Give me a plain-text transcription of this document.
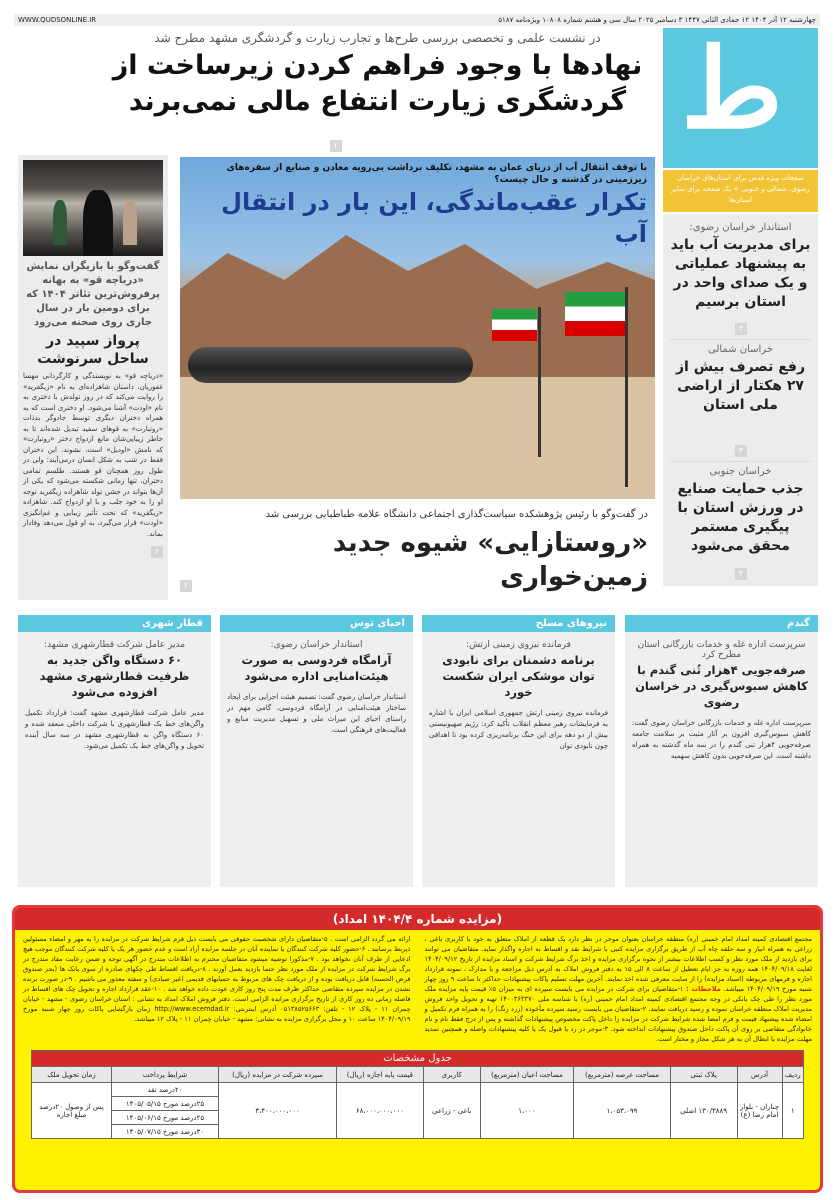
WWW.QUDSONLINE.IR	چهارشنبه ۱۲ آذر ۱۴۰۴ ۱۲ جمادی الثانی ۱۴۴۷ ۳ دسامبر ۲۰۲۵ سال سی و هشتم شماره ۱۰۸۰۸ ویژه‌نامه ۵۱۸۷
ط
صفحات ویژه قدس برای استان‌های خراسان رضوی، شمالی و جنوبی + یک صفحه برای سایر استان‌ها
استاندار خراسان رضوی:
برای مدیریت آب باید به پیشنهاد عملیاتی و یک صدای واحد در استان برسیم
۳
خراسان شمالی
رفع تصرف بیش از ۲۷ هکتار از اراضی ملی استان
۳
خراسان جنوبی
جذب حمایت صنایع در ورزش استان با پیگیری مستمر محقق می‌شود
۳
در نشست علمی و تخصصی بررسی طرح‌ها و تجارب زیارت و گردشگری مشهد مطرح شد
نهادها با وجود فراهم کردن زیرساخت از گردشگری زیارت انتفاع مالی نمی‌برند
۲
گفت‌وگو با بازیگران نمایش «دریاچه قو» به بهانه پرفروش‌ترین تئاتر ۱۴۰۴ که برای دومین بار در سال جاری روی صحنه می‌رود
پرواز سپید در ساحل سرنوشت
«دریاچه قو» به نویسندگی و کارگردانی مهسا غفوریان، داستان شاهزاده‌ای به نام «زیگفرید» را روایت می‌کند که در روز تولدش با دختری به نام «اودت» آشنا می‌شود. او دختری است که به همراه دختران دیگری توسط جادوگر بدذات «روتبارت» به قوهای سفید تبدیل شده‌اند تا به خاطر زیبایی‌شان مانع ازدواج دختر «روتبارت» که نامش «اودیل» است، نشوند. این دختران فقط در شب به شکل انسان درمی‌آیند؛ ولی در طول روز همچنان قو هستند. طلسم تمامی دختران، تنها زمانی شکسته می‌شود که یکی از آن‌ها بتواند در جشن تولد شاهزاده زیگفرید توجه او را به خود جلب و با او ازدواج کند. شاهزاده «زیگفرید» که تحت تأثیر زیبایی و غم‌انگیزی «اودت» قرار می‌گیرد، به او قول می‌دهد وفادار بماند.
۲
با توقف انتقال آب از دریای عمان به مشهد، تکلیف برداشت بی‌رویه معادن و صنایع از سفره‌های زیرزمینی در گذشته و حال چیست؟
تکرار عقب‌ماندگی، این بار در انتقال آب
در گفت‌وگو با رئیس پژوهشکده سیاست‌گذاری اجتماعی دانشگاه علامه طباطبایی بررسی شد
«روستازایی» شیوه جدید زمین‌خواری
۲
گندم
سرپرست اداره غله و خدمات بازرگانی استان مطرح کرد
صرفه‌جویی ۴هزار تُنی گندم با کاهش سبوس‌گیری در خراسان رضوی
سرپرست اداره غله و خدمات بازرگانی خراسان رضوی گفت: کاهش سبوس‌گیری افزون بر آثار مثبت بر سلامت جامعه صرفه‌جویی ۴هزار تنی گندم را در سه ماه گذشته به همراه داشته است. این صرفه‌جویی بدون کاهش سهمیه
نیروهای مسلح
فرمانده نیروی زمینی ارتش:
برنامه دشمنان برای نابودی توان موشکی ایران شکست خورد
فرمانده نیروی زمینی ارتش جمهوری اسلامی ایران با اشاره به فرمایشات رهبر معظم انقلاب تأکید کرد: رژیم صهیونیستی بیش از دو دهه برای این جنگ برنامه‌ریزی کرده بود تا اهدافی چون نابودی توان
احیای توس
استاندار خراسان رضوی:
آرامگاه فردوسی به صورت هیئت‌امنایی اداره می‌شود
استاندار خراسان رضوی گفت: تصمیم هیئت اجرایی برای ایجاد ساختار هیئت‌امنایی در آرامگاه فردوسی، گامی مهم در راستای احیای این میراث ملی و تسهیل مدیریت منابع و فعالیت‌های فرهنگی است.
قطار شهری
مدیر عامل شرکت قطارشهری مشهد:
۶۰ دستگاه واگن جدید به ظرفیت قطارشهری مشهد افزوده می‌شود
مدیر عامل شرکت قطارشهری مشهد گفت: قرارداد تکمیل واگن‌های خط یک قطارشهری با شرکت داخلی منعقد شده و ۶۰ دستگاه واگن به قطارشهری مشهد در سه سال آینده تحویل و واگن‌های خط یک تکمیل می‌شود.
(مزایده شماره ۱۴۰۴/۴ امداد)
مجتمع اقتصادی کمیته امداد امام خمینی (ره) منطقه خراسان بعنوان موجر در نظر دارد یک قطعه از املاک متعلق به خود با کاربری باغی ، زراعی به همراه انبار و سه حلقه چاه آب از طریق برگزاری مزایده کتبی با شرایط نقد و اقساط به اجاره واگذار نماید. متقاضیان می توانند برای بازدید از ملک مورد نظر و کسب اطلاعات بیشتر از نحوه برگزاری مزایده و اخذ برگ شرایط شرکت و اسناد مزایده از تاریخ ۱۴۰۴/۰۹/۱۲ لغایت ۱۴۰۴/۰۹/۱۸ همه روزه به جز ایام تعطیل از ساعت ۸ الی ۱۵ به دفتر فروش املاک به آدرس ذیل مراجعه و یا مدارک ، نمونه قرارداد اجاره و فرمهای مربوطه (اسناد مزایده) را از سایت معرفی شده اخذ نمایند. آخرین مهلت تسلیم پاکات پیشنهادات حداکثر تا ساعت ۹ روز چهار شنبه مورخ ۱۴۰۴/۰۹/۱۹ میباشد. ملاحظات : ۱-متقاضیان برای شرکت در مزایده می بایست سپرده ای به میزان ۵٪ قیمت پایه مزایده ملک مورد نظر را طی چک بانکی در وجه مجتمع اقتصادی کمیته امداد امام خمینی (ره) با شناسه ملی ۱۴۰۰۳۶۳۳۷۰ تهیه و تحویل واحد فروش مدیریت املاک منطقه خراسان نموده و رسید دریافت نمایند. ۲-متقاضیان می بایست رسید سپرده مأخوذه (زرد رنگ) را به همراه فرم تکمیل و امضاء شده پیشنهاد قیمت و فرم امضا شده شرایط شرکت در مزایده را داخل پاکت مخصوص پیشنهادات گذاشته و پس از درج فقط نام و نام خانوادگی متقاضی بر روی آن پاکت داخل صندوق پیشنهادات انداخته شود. ۳-موجر در رد یا قبول یک یا کلیه پیشنهادات واصله و همچنین تمدید مهلت مزایده یا ابطال آن به هر شکل مجاز و مختار است.
ارائه می گردد الزامی است . ۵-متقاضیان دارای شخصیت حقوقی می بایست ذیل فرم شرایط شرکت در مزایده را به مهر و امضاء مسئولین ذیربط برسانند . ۶-حضور کلیه شرکت کنندگان یا نماینده آنان در جلسه مزایده آزاد است و عدم حضور هر یک یا کلیه شرکت کنندگان موجب هیچ ادعایی از طرف آنان نخواهد بود . ۷-مذکورا توصیه میشود متقاضیان محترم به اطلاعات مندرج در آگهی توجه و ضمن رعایت مفاد مندرج در برگ شرایط شرکت در مزایده از ملک مورد نظر حتما بازدید بعمل آورند . ۸-دریافت اقساط طی چکهای صادره از سوی بانک ها (بجز صندوق قرض الحسنه) قابل دریافت بوده و از دریافت چک های مربوط به حسابهای قدیمی (غیر صیادی) و سفته معذور می باشیم . ۹-در صورت برنده نشدن در مزایده سپرده متقاضی حداکثر ظرف مدت پنج روز کاری عودت داده خواهد شد . ۱۰-عقد قرارداد اجاره و تحویل چک های اقساط در فاصله زمانی ده روز کاری از تاریخ برگزاری مزایده الزامی است. دفتر فروش املاک امداد به نشانی : استان خراسان رضوی - مشهد - خیابان چمران ۱۱ - پلاک ۱۲ - تلفن: ۰۵۱۳۸۵۲۵۶۶۳ آدرس اینترنتی: http://www.ecemdad.ir زمان بازگشایی پاکات روز چهار شنبه مورخ ۱۴۰۴/۰۹/۱۹ ساعت ۱۰ و محل برگزاری مزایده به نشانی: مشهد - خیابان چمران ۱۱ - پلاک ۱۲ میباشد.
جدول مشخصات									
ردیف	آدرس	پلاک ثبتی	مساحت عرصه (مترمربع)	مساحت اعیان (مترمربع)	کاربری	قیمت پایه اجاره (ریال)	سپرده شرکت در مزایده (ریال)	شرایط پرداخت	زمان تحویل ملک
۱	چناران - بلوار امام رضا (ع)	۱۳۰/۳۸۸۹ اصلی	۱،۰۵۳،۰۹۹	۱،۰۰۰	باغی - زراعی	۶۸،۰۰۰،۰۰۰،۰۰۰	۳،۴۰۰،۰۰۰،۰۰۰	۲۰درصد نقد	پس از وصول ۲۰درصد مبلغ اجاره
								۲۵درصد مورخ ۱۴۰۵/۰۵/۱۵	
								۲۵درصد مورخ ۱۴۰۵/۰۶/۱۵	
								۳۰درصد مورخ ۱۴۰۵/۰۷/۱۵	
